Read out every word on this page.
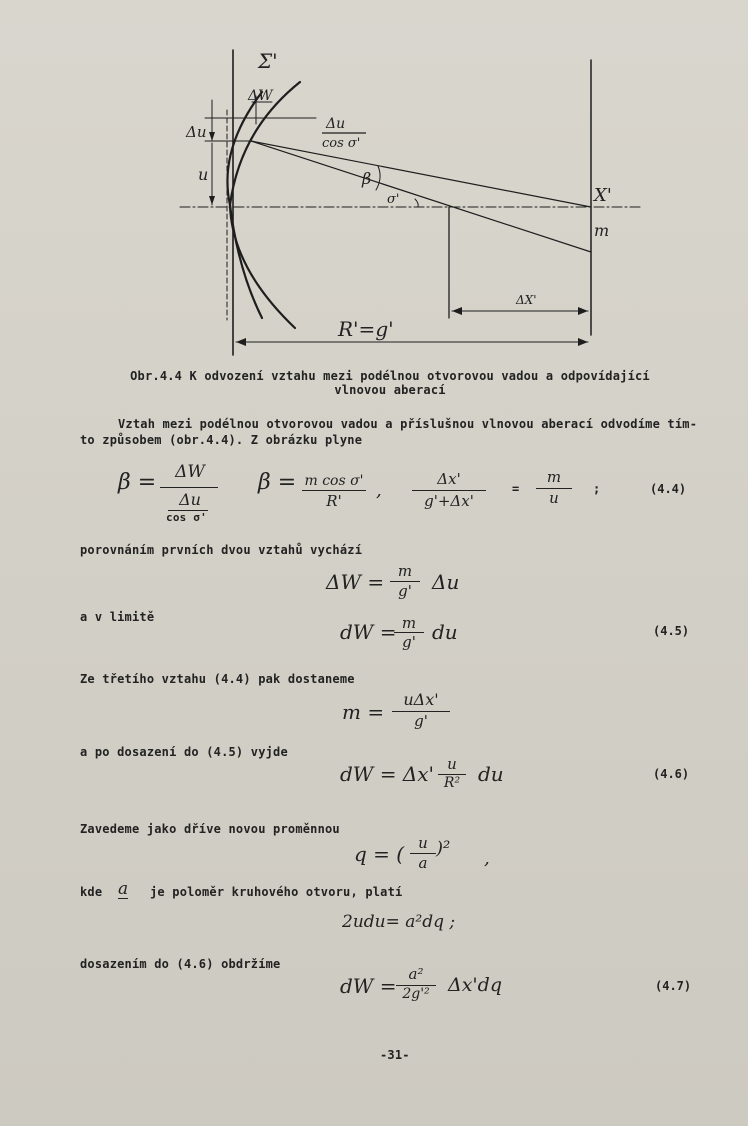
Σ'
ΔW
Δu
u
Δu
cos σ'
β
σ'	X'
m
ΔX'
R'=g'
Obr.4.4 K odvození vztahu mezi podélnou otvorovou vadou a odpovídající
vlnovou aberací
Vztah mezi podélnou otvorovou vadou a příslušnou vlnovou aberací odvodíme tím-
to způsobem (obr.4.4). Z obrázku plyne
β =	ΔW
Δu
cos σ'
β = m cos σ'
R'	,
Δx'
g'+Δx'
=
m
u	;	(4.4)
porovnáním prvních dvou vztahů vychází
ΔW = m
g'	Δu
a v limitě
dW = m
g' du	(4.5)
Ze třetího vztahu (4.4) pak dostaneme
m =
uΔx'
g'
a po dosazení do (4.5) vyjde
dW = Δx' u
R² du	(4.6)
Zavedeme jako dříve novou proměnnou
q = ( u
a
)² ,
kde a je poloměr kruhového otvoru, platí
2udu= a²dq ;
dosazením do (4.6) obdržíme
dW = a²
2g'² Δx'dq	(4.7)
-31-
